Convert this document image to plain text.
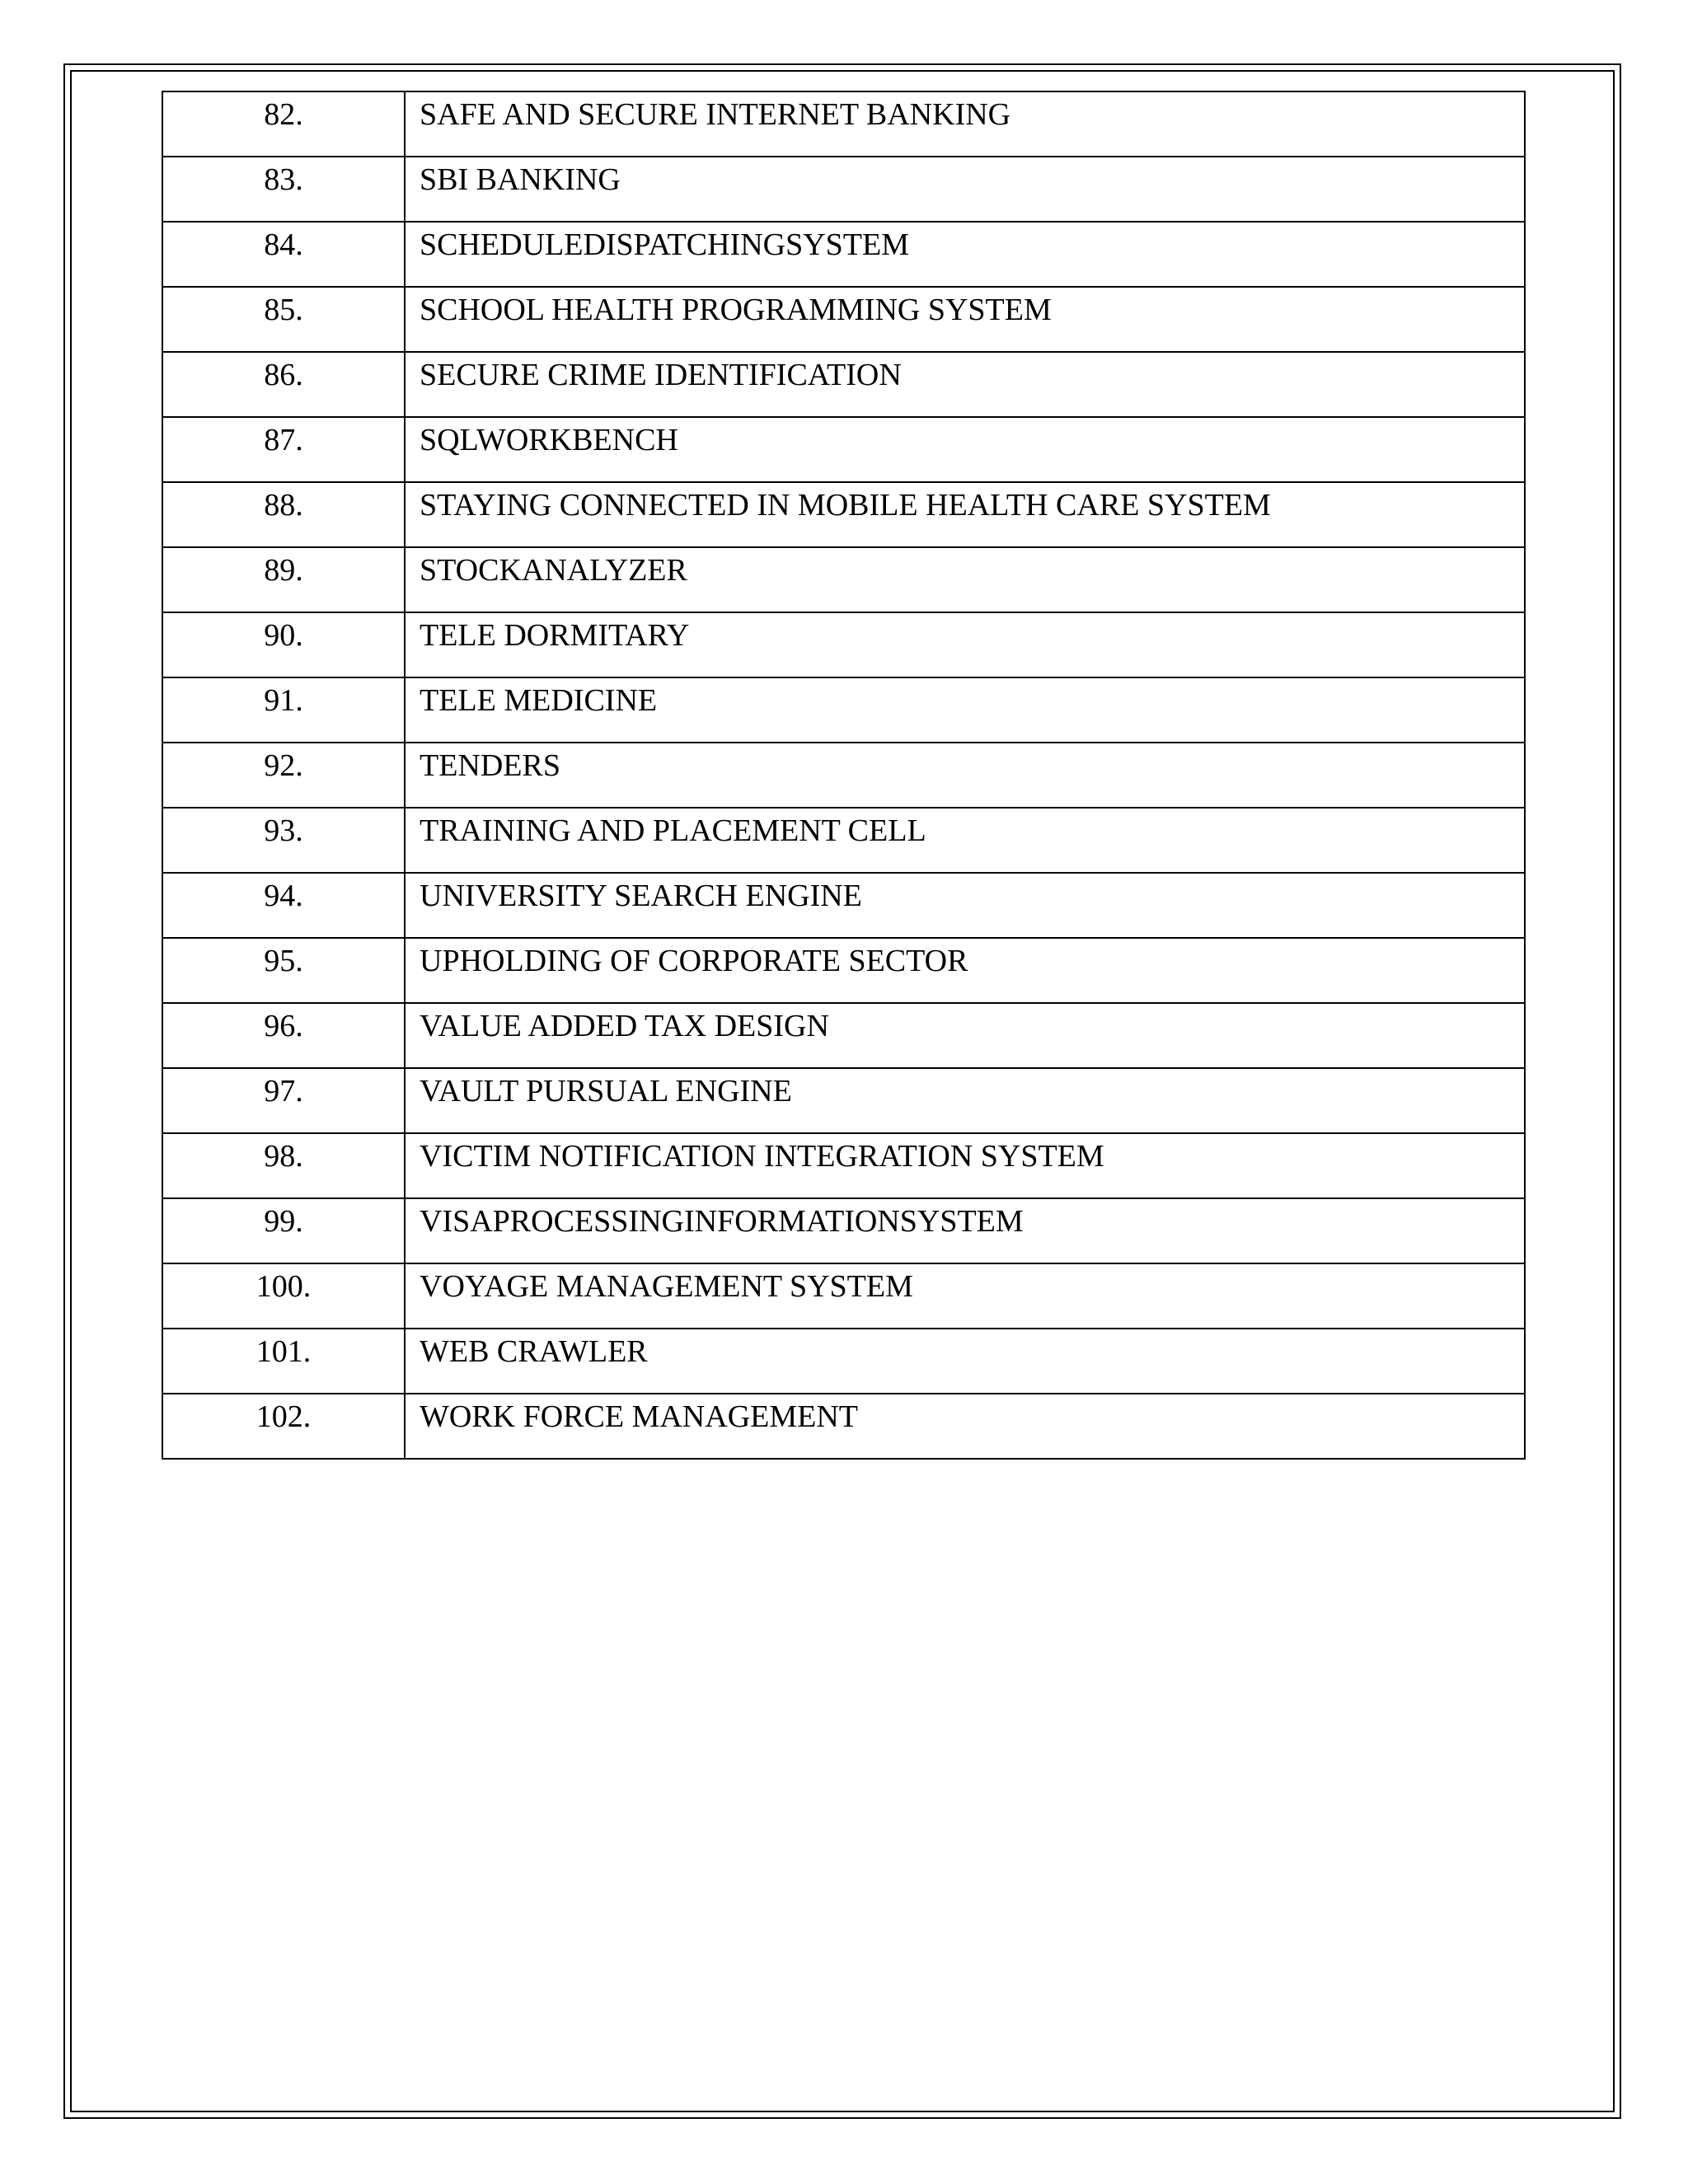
82.	SAFE AND SECURE INTERNET BANKING

83.	SBI BANKING

84.	SCHEDULEDISPATCHINGSYSTEM

85.	SCHOOL HEALTH PROGRAMMING SYSTEM

86.	SECURE CRIME IDENTIFICATION

87.	SQLWORKBENCH

88.	STAYING CONNECTED IN MOBILE HEALTH CARE SYSTEM

89.	STOCKANALYZER

90.	TELE DORMITARY

91.	TELE MEDICINE

92.	TENDERS

93.	TRAINING AND PLACEMENT CELL

94.	UNIVERSITY SEARCH ENGINE

95.	UPHOLDING OF CORPORATE SECTOR

96.	VALUE ADDED TAX DESIGN

97.	VAULT PURSUAL ENGINE

98.	VICTIM NOTIFICATION INTEGRATION SYSTEM

99.	VISAPROCESSINGINFORMATIONSYSTEM

100.	VOYAGE MANAGEMENT SYSTEM

101.	WEB CRAWLER

102.	WORK FORCE MANAGEMENT
